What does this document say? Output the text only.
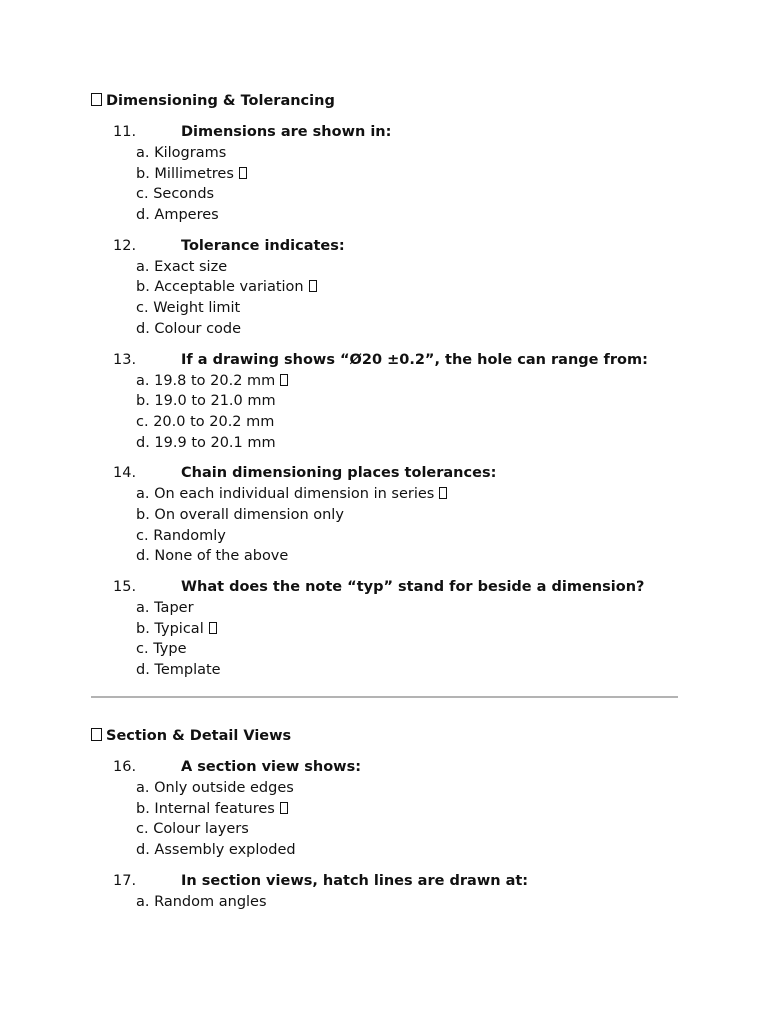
Dimensioning & Tolerancing
11.	Dimensions are shown in:
a. Kilograms
b. Millimetres
c. Seconds
d. Amperes
12.	Tolerance indicates:
a. Exact size
b. Acceptable variation
c. Weight limit
d. Colour code
13.	If a drawing shows “Ø20 ±0.2”, the hole can range from:
a. 19.8 to 20.2 mm
b. 19.0 to 21.0 mm
c. 20.0 to 20.2 mm
d. 19.9 to 20.1 mm
14.	Chain dimensioning places tolerances:
a. On each individual dimension in series
b. On overall dimension only
c. Randomly
d. None of the above
15.	What does the note “typ” stand for beside a dimension?
a. Taper
b. Typical
c. Type
d. Template
Section & Detail Views
16.	A section view shows:
a. Only outside edges
b. Internal features
c. Colour layers
d. Assembly exploded
17.	In section views, hatch lines are drawn at:
a. Random angles
